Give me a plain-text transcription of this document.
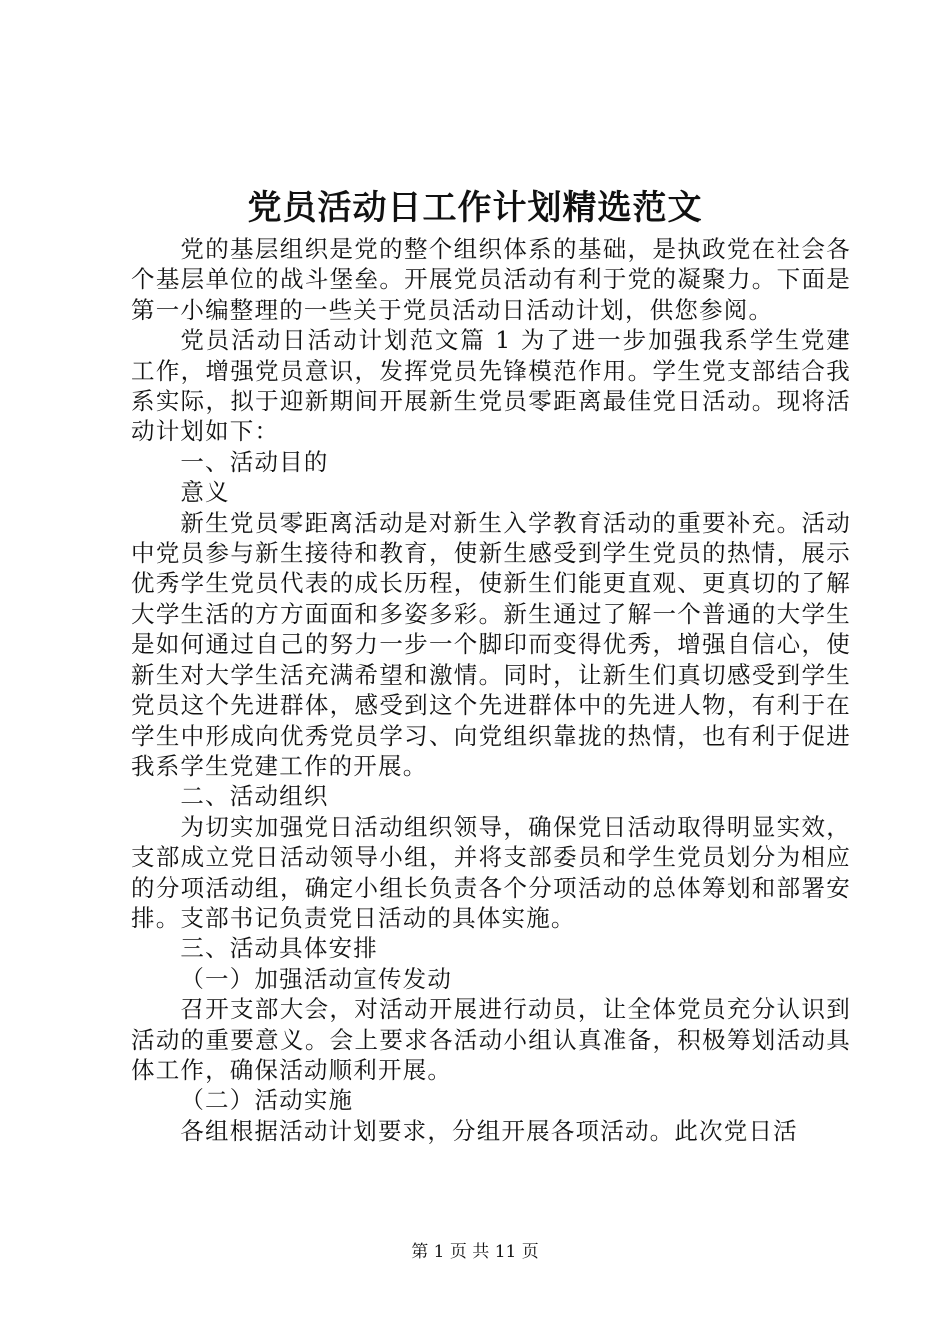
党员活动日工作计划精选范文

党的基层组织是党的整个组织体系的基础，是执政党在社会各个基层单位的战斗堡垒。开展党员活动有利于党的凝聚力。下面是第一小编整理的一些关于党员活动日活动计划，供您参阅。

党员活动日活动计划范文篇 1 为了进一步加强我系学生党建工作，增强党员意识，发挥党员先锋模范作用。学生党支部结合我系实际，拟于迎新期间开展新生党员零距离最佳党日活动。现将活动计划如下：

一、活动目的

意义

新生党员零距离活动是对新生入学教育活动的重要补充。活动中党员参与新生接待和教育，使新生感受到学生党员的热情，展示优秀学生党员代表的成长历程，使新生们能更直观、更真切的了解大学生活的方方面面和多姿多彩。新生通过了解一个普通的大学生是如何通过自己的努力一步一个脚印而变得优秀，增强自信心，使新生对大学生活充满希望和激情。同时，让新生们真切感受到学生党员这个先进群体，感受到这个先进群体中的先进人物，有利于在学生中形成向优秀党员学习、向党组织靠拢的热情，也有利于促进我系学生党建工作的开展。

二、活动组织

为切实加强党日活动组织领导，确保党日活动取得明显实效，支部成立党日活动领导小组，并将支部委员和学生党员划分为相应的分项活动组，确定小组长负责各个分项活动的总体筹划和部署安排。支部书记负责党日活动的具体实施。

三、活动具体安排

（一）加强活动宣传发动

召开支部大会，对活动开展进行动员，让全体党员充分认识到活动的重要意义。会上要求各活动小组认真准备，积极筹划活动具体工作，确保活动顺利开展。

（二）活动实施

各组根据活动计划要求，分组开展各项活动。此次党日活

第 1 页 共 11 页
